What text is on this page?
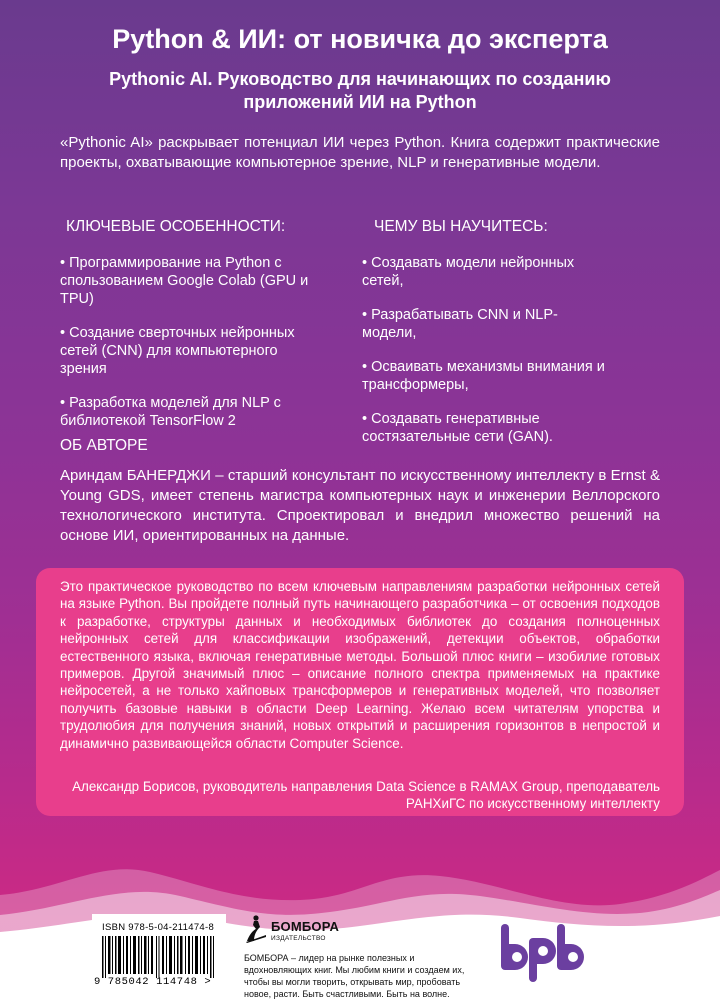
Python & ИИ: от новичка до эксперта
Pythonic AI. Руководство для начинающих по созданию приложений ИИ на Python
«Pythonic AI» раскрывает потенциал ИИ через Python. Книга содержит практические проекты, охватывающие компьютерное зрение, NLP и генеративные модели.
КЛЮЧЕВЫЕ ОСОБЕННОСТИ:
• Программирование на Python с спользованием Google Colab (GPU и TPU)
• Создание сверточных нейронных сетей (CNN) для компьютерного зрения
• Разработка моделей для NLP с библиотекой TensorFlow 2
ЧЕМУ ВЫ НАУЧИТЕСЬ:
• Создавать модели нейронных сетей,
• Разрабатывать CNN и NLP-модели,
• Осваивать механизмы внимания и трансформеры,
• Создавать генеративные состязательные сети (GAN).
ОБ АВТОРЕ
Ариндам БАНЕРДЖИ – старший консультант по искусственному интеллекту в Ernst & Young GDS, имеет степень магистра компьютерных наук и инженерии Веллорского технологического института. Спроектировал и внедрил множество решений на основе ИИ, ориентированных на данные.
Это практическое руководство по всем ключевым направлениям разработки нейронных сетей на языке Python. Вы пройдете полный путь начинающего разработчика – от освоения подходов к разработке, структуры данных и необходимых библиотек до создания полноценных нейронных сетей для классификации изображений, детекции объектов, обработки естественного языка, включая генеративные методы. Большой плюс книги – изобилие готовых примеров. Другой значимый плюс – описание полного спектра применяемых на практике нейросетей, а не только хайповых трансформеров и генеративных моделей, что позволяет получить базовые навыки в области Deep Learning. Желаю всем читателям упорства и трудолюбия для получения знаний, новых открытий и расширения горизонтов в непростой и динамично развивающейся области Computer Science.
Александр Борисов, руководитель направления Data Science в RAMAX Group, преподаватель РАНХиГС по искусственному интеллекту
ISBN 978-5-04-211474-8
9 785042 114748 >
БОМБОРА
ИЗДАТЕЛЬСТВО
БОМБОРА – лидер на рынке полезных и вдохновляющих книг. Мы любим книги и создаем их, чтобы вы могли творить, открывать мир, пробовать новое, расти. Быть счастливыми. Быть на волне.
